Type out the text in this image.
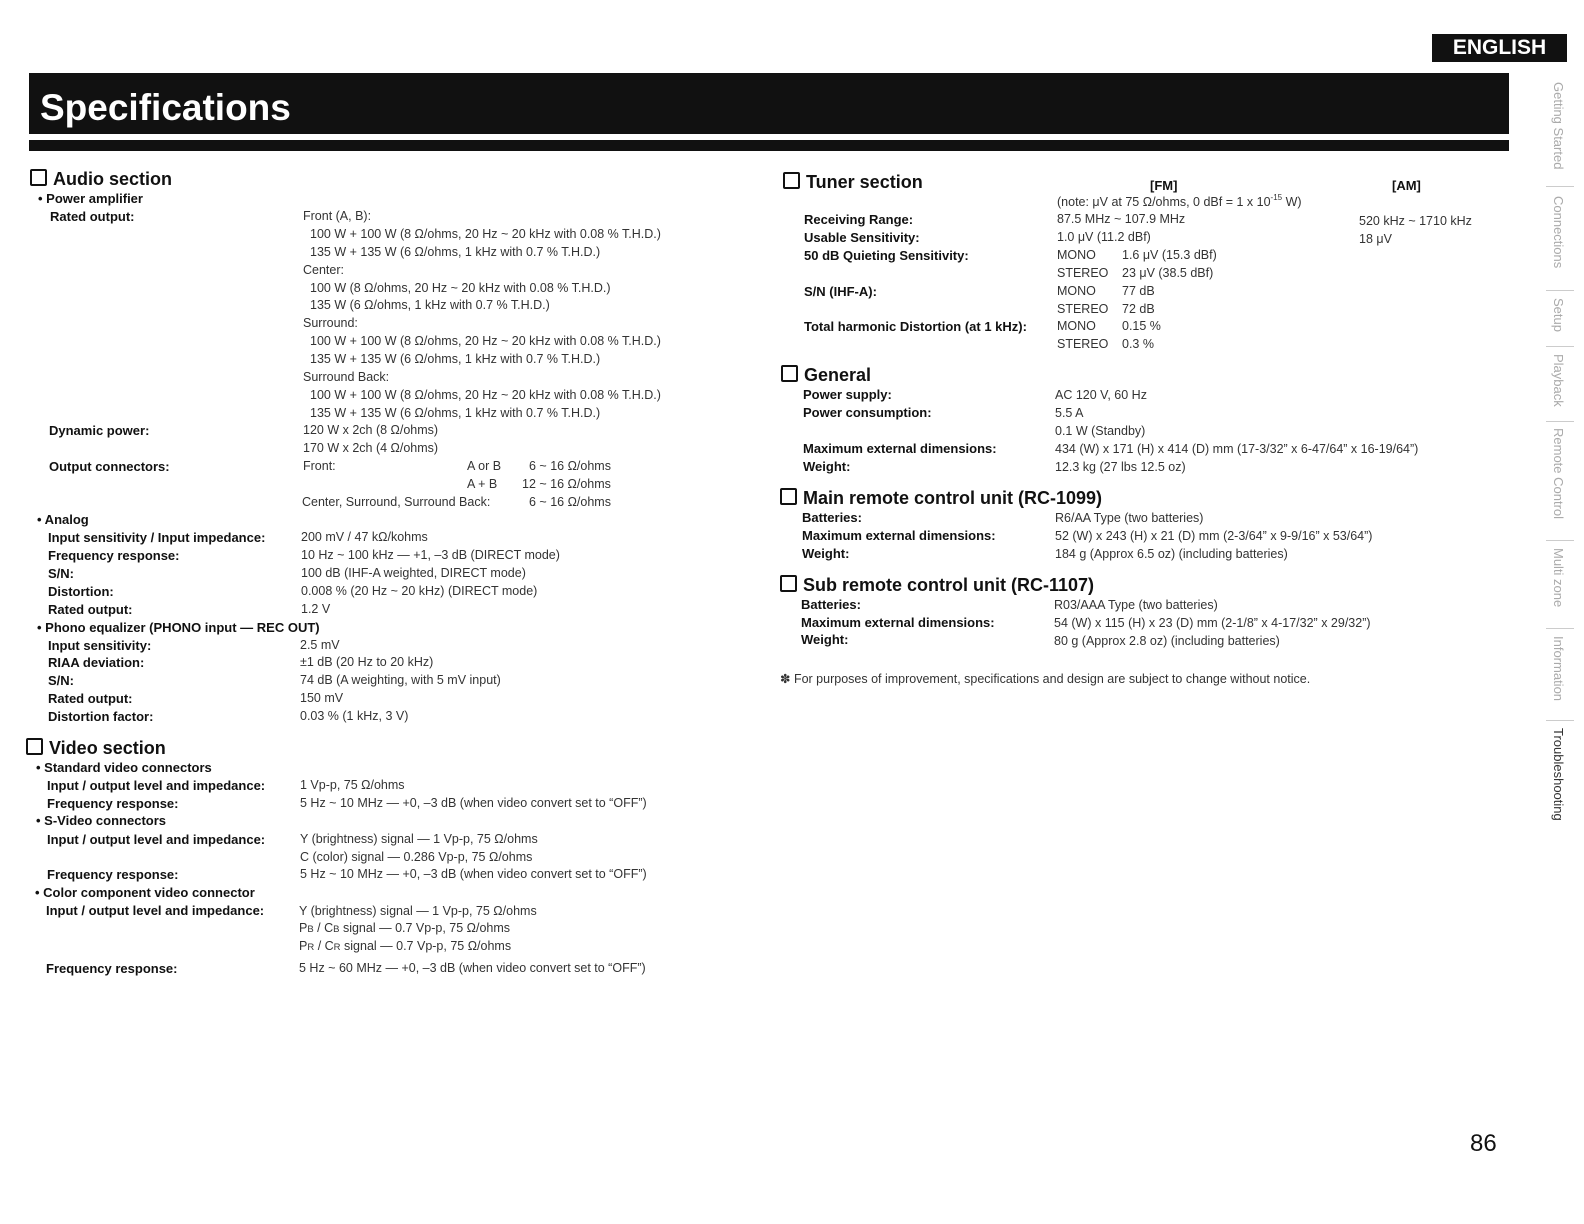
ENGLISH
Specifications
Audio section
• Power amplifier
Rated output:	Front (A, B):
100 W + 100 W (8 Ω/ohms, 20 Hz ~ 20 kHz with 0.08 % T.H.D.)
135 W + 135 W (6 Ω/ohms, 1 kHz with 0.7 % T.H.D.)
Center:
100 W (8 Ω/ohms, 20 Hz ~ 20 kHz with 0.08 % T.H.D.)
135 W (6 Ω/ohms, 1 kHz with 0.7 % T.H.D.)
Surround:
100 W + 100 W (8 Ω/ohms, 20 Hz ~ 20 kHz with 0.08 % T.H.D.)
135 W + 135 W (6 Ω/ohms, 1 kHz with 0.7 % T.H.D.)
Surround Back:
100 W + 100 W (8 Ω/ohms, 20 Hz ~ 20 kHz with 0.08 % T.H.D.)
135 W + 135 W (6 Ω/ohms, 1 kHz with 0.7 % T.H.D.)
Dynamic power:	120 W x 2ch (8 Ω/ohms)
170 W x 2ch (4 Ω/ohms)
Output connectors:	Front:	A or B 6 ~ 16 Ω/ohms
A + B 12 ~ 16 Ω/ohms
Center, Surround, Surround Back:	6 ~ 16 Ω/ohms
• Analog
Input sensitivity / Input impedance:	200 mV / 47 kΩ/kohms
Frequency response:	10 Hz ~ 100 kHz — +1, –3 dB (DIRECT mode)
S/N:	100 dB (IHF-A weighted, DIRECT mode)
Distortion:	0.008 % (20 Hz ~ 20 kHz) (DIRECT mode)
Rated output:	1.2 V
• Phono equalizer (PHONO input — REC OUT)
Input sensitivity:	2.5 mV
RIAA deviation:	±1 dB (20 Hz to 20 kHz)
S/N:	74 dB (A weighting, with 5 mV input)
Rated output:	150 mV
Distortion factor:	0.03 % (1 kHz, 3 V)
Video section
• Standard video connectors
Input / output level and impedance:	1 Vp-p, 75 Ω/ohms
Frequency response:	5 Hz ~ 10 MHz — +0, –3 dB (when video convert set to “OFF”)
• S-Video connectors
Input / output level and impedance:	Y (brightness) signal — 1 Vp-p, 75 Ω/ohms
C (color) signal — 0.286 Vp-p, 75 Ω/ohms
Frequency response:	5 Hz ~ 10 MHz — +0, –3 dB (when video convert set to “OFF”)
• Color component video connector
Input / output level and impedance:	Y (brightness) signal — 1 Vp-p, 75 Ω/ohms
PB / CB signal — 0.7 Vp-p, 75 Ω/ohms
PR / CR signal — 0.7 Vp-p, 75 Ω/ohms
Frequency response:	5 Hz ~ 60 MHz — +0, –3 dB (when video convert set to “OFF”)
Tuner section	[FM]	[AM]
(note: μV at 75 Ω/ohms, 0 dBf = 1 x $10^{-15}$ W)
Receiving Range:	87.5 MHz ~ 107.9 MHz	520 kHz ~ 1710 kHz
Usable Sensitivity:	1.0 μV (11.2 dBf)	18 μV
50 dB Quieting Sensitivity:	MONO 1.6 μV (15.3 dBf)
STEREO 23 μV (38.5 dBf)
S/N (IHF-A):	MONO 77 dB
STEREO 72 dB
Total harmonic Distortion (at 1 kHz): MONO 0.15 %
STEREO 0.3 %
General
Power supply:	AC 120 V, 60 Hz
Power consumption:	5.5 A
0.1 W (Standby)
Maximum external dimensions:	434 (W) x 171 (H) x 414 (D) mm (17-3/32” x 6-47/64” x 16-19/64”)
Weight:	12.3 kg (27 lbs 12.5 oz)
Main remote control unit (RC-1099)
Batteries:	R6/AA Type (two batteries)
Maximum external dimensions:	52 (W) x 243 (H) x 21 (D) mm (2-3/64” x 9-9/16” x 53/64”)
Weight:	184 g (Approx 6.5 oz) (including batteries)
Sub remote control unit (RC-1107)
Batteries:	R03/AAA Type (two batteries)
Maximum external dimensions:	54 (W) x 115 (H) x 23 (D) mm (2-1/8” x 4-17/32” x 29/32”)
Weight:	80 g (Approx 2.8 oz) (including batteries)
✽ For purposes of improvement, specifications and design are subject to change without notice.
Getting Started
Connections
Setup
Playback
Remote Control
Multi zone
Information
Troubleshooting
86
